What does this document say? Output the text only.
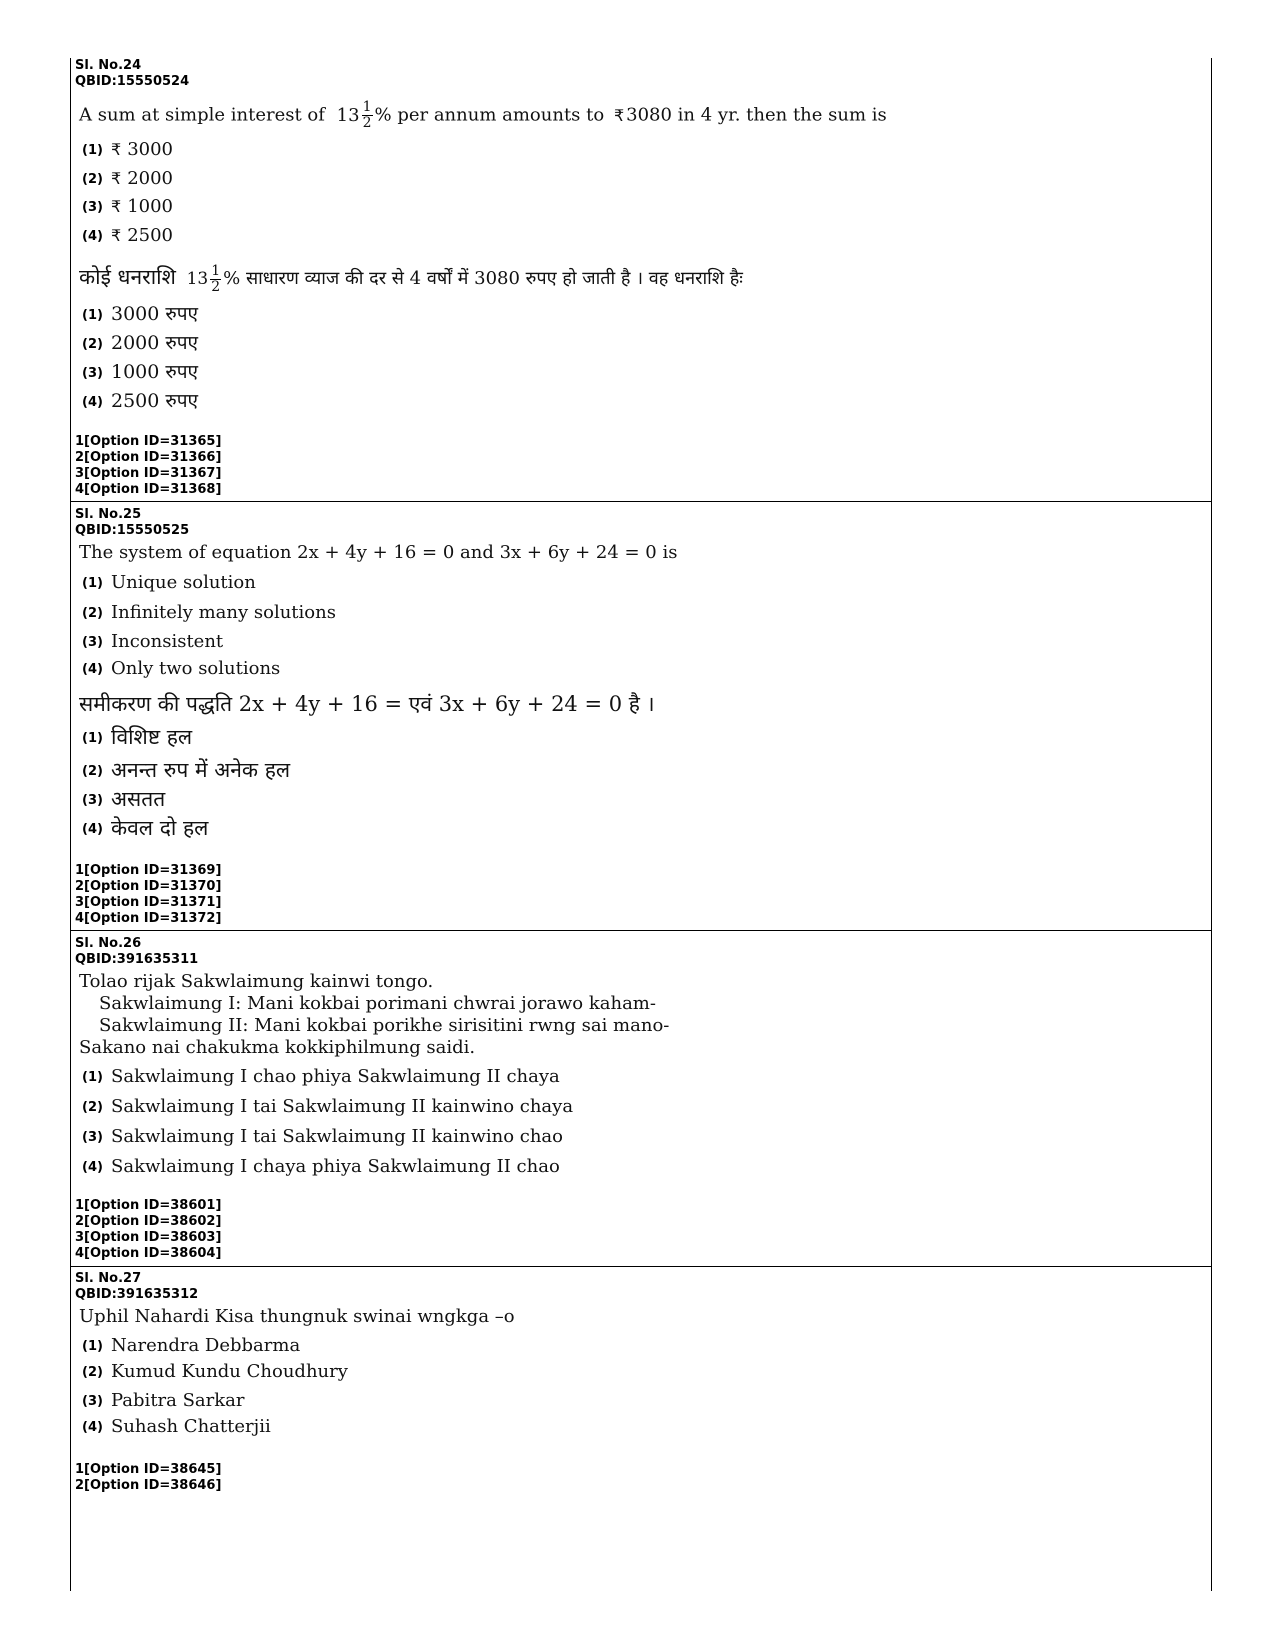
Sl. No.24
QBID:15550524
A sum at simple interest of $13 \frac{1}{2}$ % per annum amounts to ₹ 3080 in 4 yr. then the sum is
(1) ₹ 3000
(2) ₹ 2000
(3) ₹ 1000
(4) ₹ 2500
कोई धनराशि $13 \frac{1}{2}$ % साधारण व्याज की दर से 4 वर्षों में 3080 रुपए हो जाती है । वह धनराशि हैः
(1) 3000 रुपए
(2) 2000 रुपए
(3) 1000 रुपए
(4) 2500 रुपए
1[Option ID=31365]
2[Option ID=31366]
3[Option ID=31367]
4[Option ID=31368]
Sl. No.25
QBID:15550525
The system of equation 2x + 4y + 16 = 0 and 3x + 6y + 24 = 0 is
(1) Unique solution
(2) Infinitely many solutions
(3) Inconsistent
(4) Only two solutions
समीकरण की पद्धति 2x + 4y + 16 = एवं 3x + 6y + 24 = 0 है ।
(1) विशिष्ट हल
(2) अनन्त रुप में अनेक हल
(3) असतत
(4) केवल दो हल
1[Option ID=31369]
2[Option ID=31370]
3[Option ID=31371]
4[Option ID=31372]
Sl. No.26
QBID:391635311
Tolao rijak Sakwlaimung kainwi tongo.
Sakwlaimung I: Mani kokbai porimani chwrai jorawo kaham-
Sakwlaimung II: Mani kokbai porikhe sirisitini rwng sai mano-
Sakano nai chakukma kokkiphilmung saidi.
(1) Sakwlaimung I chao phiya Sakwlaimung II chaya
(2) Sakwlaimung I tai Sakwlaimung II kainwino chaya
(3) Sakwlaimung I tai Sakwlaimung II kainwino chao
(4) Sakwlaimung I chaya phiya Sakwlaimung II chao
1[Option ID=38601]
2[Option ID=38602]
3[Option ID=38603]
4[Option ID=38604]
Sl. No.27
QBID:391635312
Uphil Nahardi Kisa thungnuk swinai wngkga –o
(1) Narendra Debbarma
(2) Kumud Kundu Choudhury
(3) Pabitra Sarkar
(4) Suhash Chatterjii
1[Option ID=38645]
2[Option ID=38646]
